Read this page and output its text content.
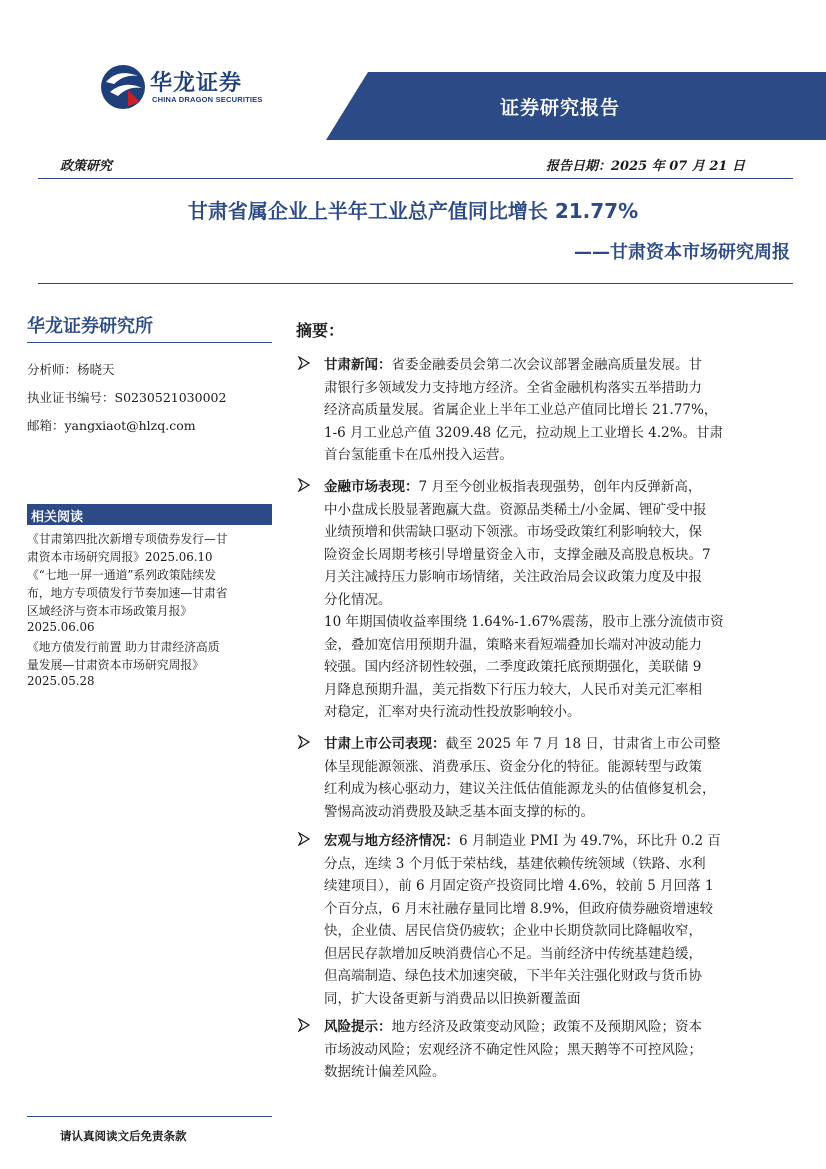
华龙证券
CHINA DRAGON SECURITIES	证券研究报告
政策研究	报告日期：2025 年 07 月 21 日
甘肃省属企业上半年工业总产值同比增长 21.77%
——甘肃资本市场研究周报
华龙证券研究所
分析师：杨晓天
执业证书编号：S0230521030002
邮箱：yangxiaot@hlzq.com
相关阅读
《甘肃第四批次新增专项债券发行—甘
肃资本市场研究周报》2025.06.10
《“七地一屏一通道”系列政策陆续发
布，地方专项债发行节奏加速—甘肃省
区域经济与资本市场政策月报》
2025.06.06
《地方债发行前置 助力甘肃经济高质
量发展—甘肃资本市场研究周报》
2025.05.28
请认真阅读文后免责条款
摘要：
甘肃新闻：省委金融委员会第二次会议部署金融高质量发展。甘
肃银行多领域发力支持地方经济。全省金融机构落实五举措助力
经济高质量发展。省属企业上半年工业总产值同比增长 21.77%，
1-6 月工业总产值 3209.48 亿元，拉动规上工业增长 4.2%。甘肃
首台氢能重卡在瓜州投入运营。
金融市场表现：7 月至今创业板指表现强势，创年内反弹新高，
中小盘成长股显著跑赢大盘。资源品类稀土/小金属、锂矿受中报
业绩预增和供需缺口驱动下领涨。市场受政策红利影响较大，保
险资金长周期考核引导增量资金入市，支撑金融及高股息板块。7
月关注减持压力影响市场情绪，关注政治局会议政策力度及中报
分化情况。
10 年期国债收益率围绕 1.64%-1.67%震荡，股市上涨分流债市资
金，叠加宽信用预期升温，策略来看短端叠加长端对冲波动能力
较强。国内经济韧性较强，二季度政策托底预期强化，美联储 9
月降息预期升温，美元指数下行压力较大，人民币对美元汇率相
对稳定，汇率对央行流动性投放影响较小。
甘肃上市公司表现：截至 2025 年 7 月 18 日，甘肃省上市公司整
体呈现能源领涨、消费承压、资金分化的特征。能源转型与政策
红利成为核心驱动力，建议关注低估值能源龙头的估值修复机会，
警惕高波动消费股及缺乏基本面支撑的标的。
宏观与地方经济情况：6 月制造业 PMI 为 49.7%，环比升 0.2 百
分点，连续 3 个月低于荣枯线，基建依赖传统领域（铁路、水利
续建项目），前 6 月固定资产投资同比增 4.6%，较前 5 月回落 1
个百分点，6 月末社融存量同比增 8.9%，但政府债券融资增速较
快，企业债、居民信贷仍疲软；企业中长期贷款同比降幅收窄，
但居民存款增加反映消费信心不足。当前经济中传统基建趋缓，
但高端制造、绿色技术加速突破，下半年关注强化财政与货币协
同，扩大设备更新与消费品以旧换新覆盖面
风险提示：地方经济及政策变动风险；政策不及预期风险；资本
市场波动风险；宏观经济不确定性风险；黑天鹅等不可控风险；
数据统计偏差风险。
